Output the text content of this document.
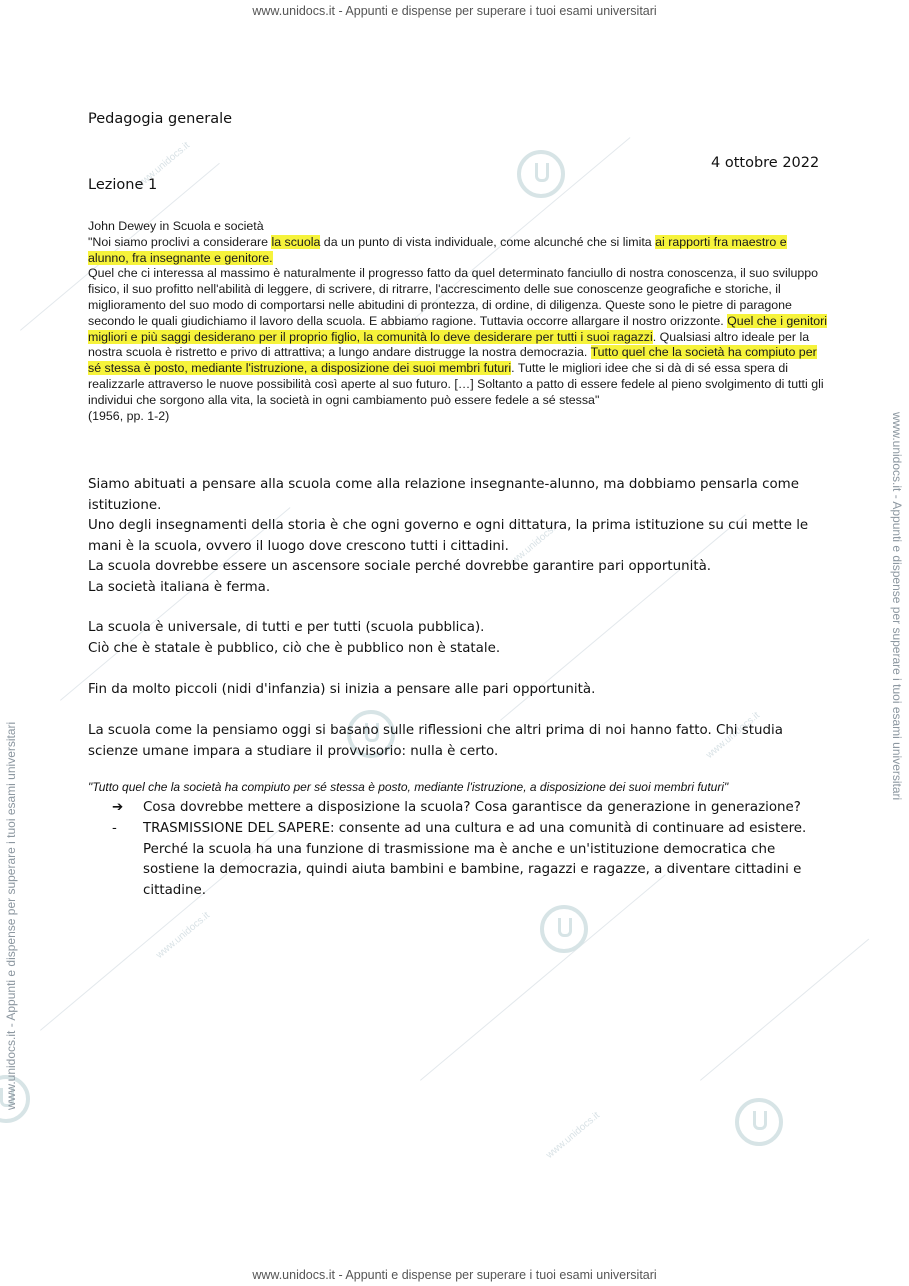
www.unidocs.it
www.unidocs.it
www.unidocs.it
www.unidocs.it
www.unidocs.it
www.unidocs.it - Appunti e dispense per superare i tuoi esami universitari
www.unidocs.it - Appunti e dispense per superare i tuoi esami universitari
www.unidocs.it - Appunti e dispense per superare i tuoi esami universitari
www.unidocs.it - Appunti e dispense per superare i tuoi esami universitari
Pedagogia generale
4 ottobre 2022
Lezione 1

John Dewey in Scuola e società

"Noi siamo proclivi a considerare la scuola da un punto di vista individuale, come alcunché che si limita ai rapporti fra maestro e alunno, fra insegnante e genitore.

Quel che ci interessa al massimo è naturalmente il progresso fatto da quel determinato fanciullo di nostra conoscenza, il suo sviluppo fisico, il suo profitto nell'abilità di leggere, di scrivere, di ritrarre, l'accrescimento delle sue conoscenze geografiche e storiche, il miglioramento del suo modo di comportarsi nelle abitudini di prontezza, di ordine, di diligenza. Queste sono le pietre di paragone secondo le quali giudichiamo il lavoro della scuola. E abbiamo ragione. Tuttavia occorre allargare il nostro orizzonte. Quel che i genitori migliori e più saggi desiderano per il proprio figlio, la comunità lo deve desiderare per tutti i suoi ragazzi. Qualsiasi altro ideale per la nostra scuola è ristretto e privo di attrattiva; a lungo andare distrugge la nostra democrazia. Tutto quel che la società ha compiuto per sé stessa è posto, mediante l'istruzione, a disposizione dei suoi membri futuri. Tutte le migliori idee che si dà di sé essa spera di realizzarle attraverso le nuove possibilità così aperte al suo futuro. […] Soltanto a patto di essere fedele al pieno svolgimento di tutti gli individui che sorgono alla vita, la società in ogni cambiamento può essere fedele a sé stessa"

(1956, pp. 1-2)

Siamo abituati a pensare alla scuola come alla relazione insegnante-alunno, ma dobbiamo pensarla come istituzione.

Uno degli insegnamenti della storia è che ogni governo e ogni dittatura, la prima istituzione su cui mette le mani è la scuola, ovvero il luogo dove crescono tutti i cittadini.

La scuola dovrebbe essere un ascensore sociale perché dovrebbe garantire pari opportunità.

La società italiana è ferma.

La scuola è universale, di tutti e per tutti (scuola pubblica).

Ciò che è statale è pubblico, ciò che è pubblico non è statale.

Fin da molto piccoli (nidi d'infanzia) si inizia a pensare alle pari opportunità.

La scuola come la pensiamo oggi si basano sulle riflessioni che altri prima di noi hanno fatto. Chi studia scienze umane impara a studiare il provvisorio: nulla è certo.

"Tutto quel che la società ha compiuto per sé stessa è posto, mediante l'istruzione, a disposizione dei suoi membri futuri"
➔ Cosa dovrebbe mettere a disposizione la scuola? Cosa garantisce da generazione in generazione?
- TRASMISSIONE DEL SAPERE: consente ad una cultura e ad una comunità di continuare ad esistere. Perché la scuola ha una funzione di trasmissione ma è anche e un'istituzione democratica che sostiene la democrazia, quindi aiuta bambini e bambine, ragazzi e ragazze, a diventare cittadini e cittadine.
